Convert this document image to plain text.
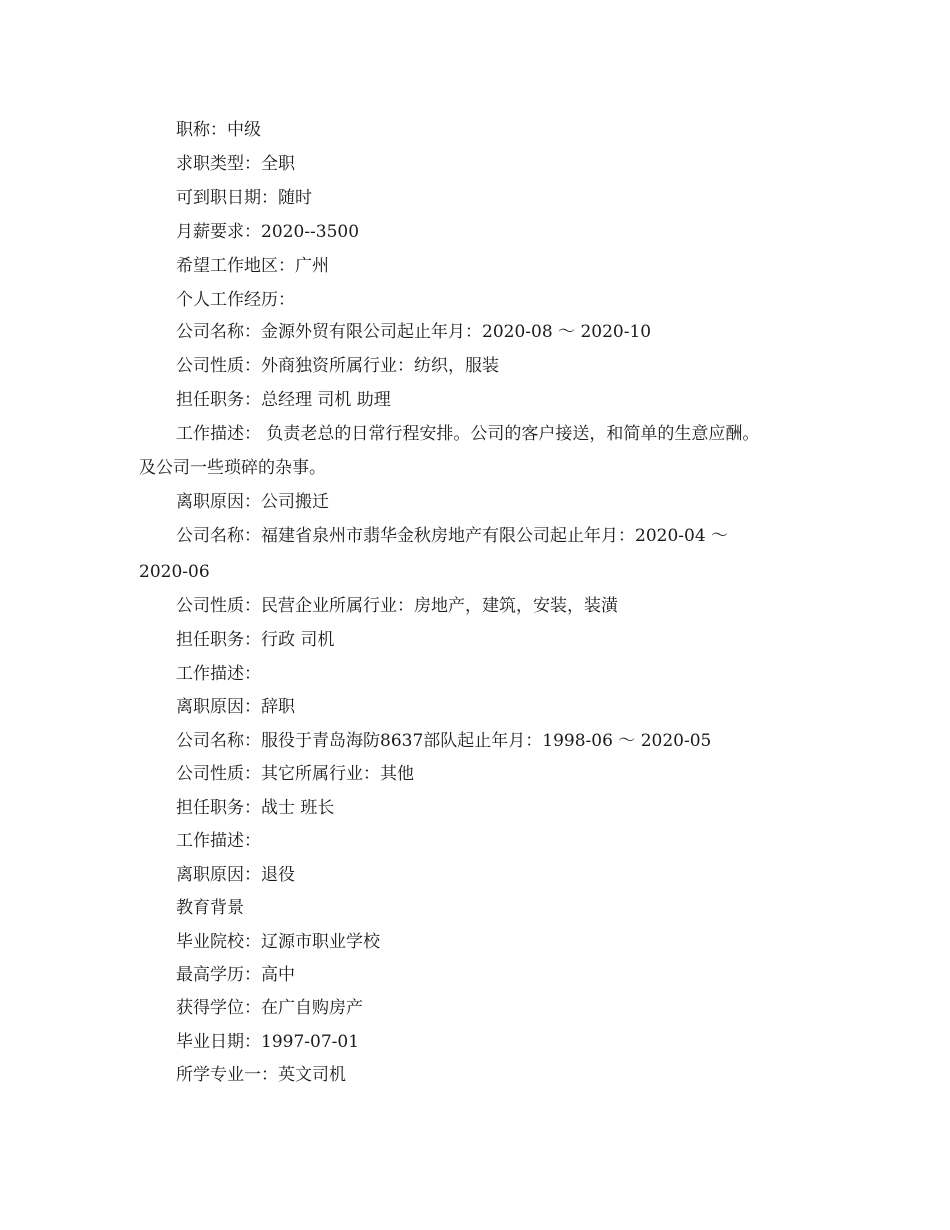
职称：中级
求职类型：全职
可到职日期：随时
月薪要求：2020--3500
希望工作地区：广州
个人工作经历：
公司名称：金源外贸有限公司起止年月：2020-08 ～ 2020-10
公司性质：外商独资所属行业：纺织，服装
担任职务：总经理 司机 助理
工作描述： 负责老总的日常行程安排。公司的客户接送，和简单的生意应酬。
及公司一些琐碎的杂事。
离职原因：公司搬迁
公司名称：福建省泉州市翡华金秋房地产有限公司起止年月：2020-04 ～
2020-06
公司性质：民营企业所属行业：房地产，建筑，安装，装潢
担任职务：行政 司机
工作描述：
离职原因：辞职
公司名称：服役于青岛海防8637部队起止年月：1998-06 ～ 2020-05
公司性质：其它所属行业：其他
担任职务：战士 班长
工作描述：
离职原因：退役
教育背景
毕业院校：辽源市职业学校
最高学历：高中
获得学位：在广自购房产
毕业日期：1997-07-01
所学专业一：英文司机
